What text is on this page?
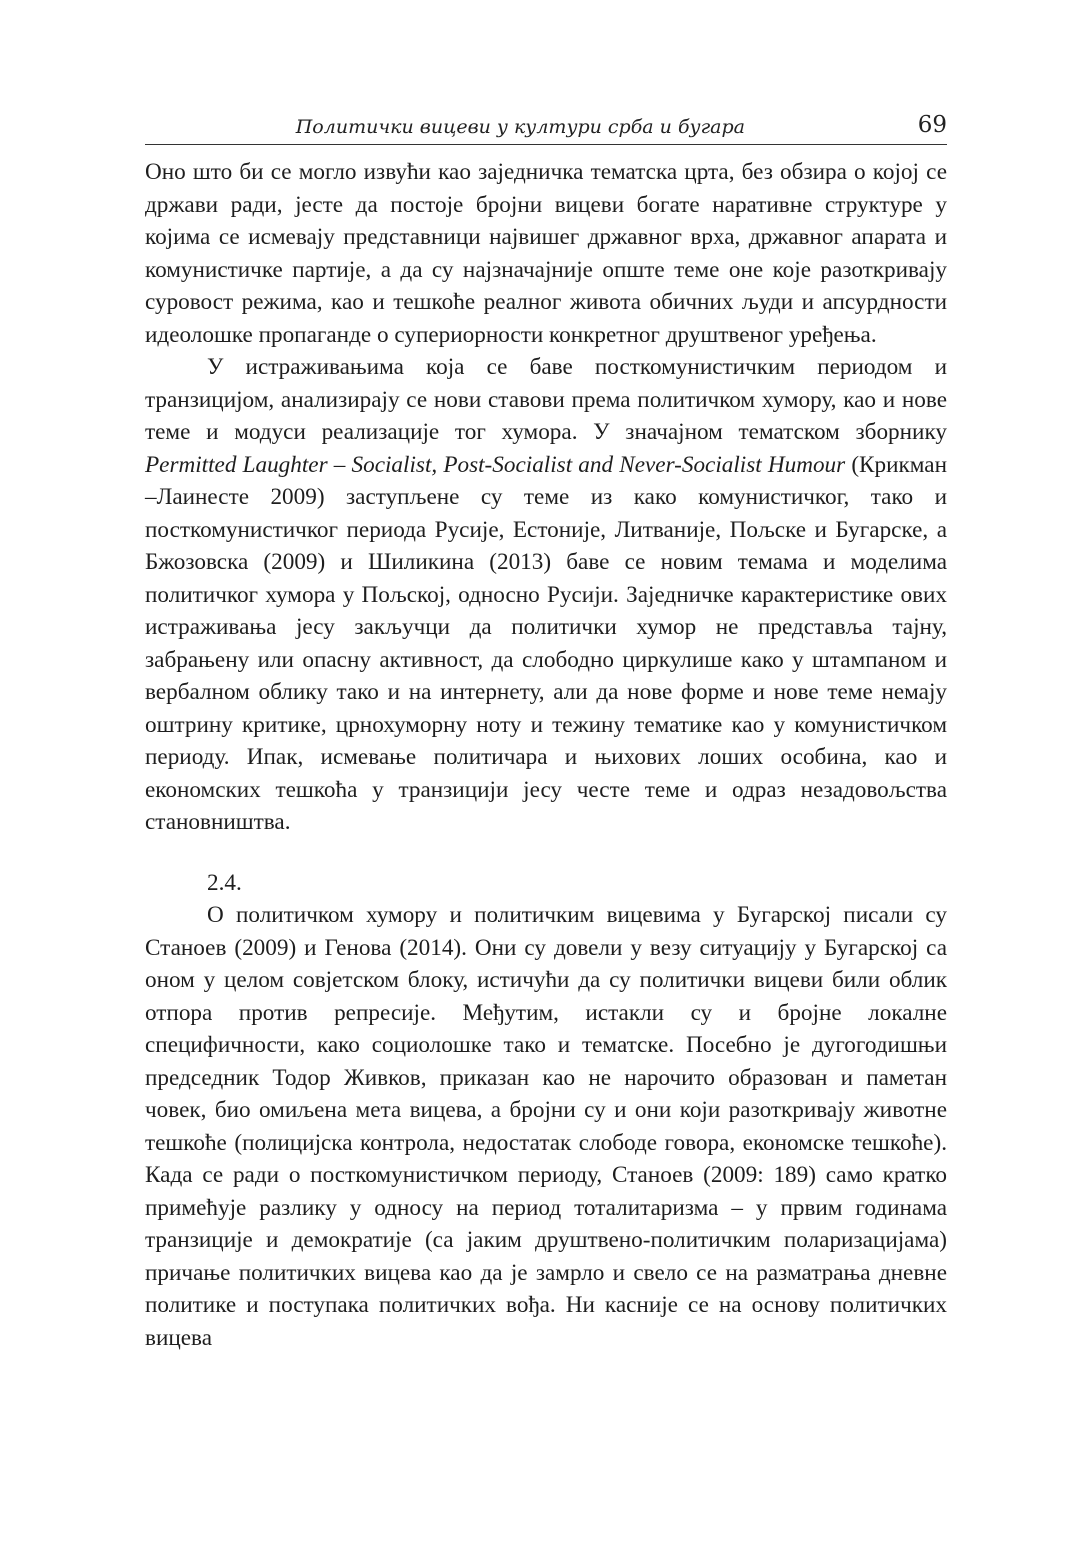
Политички вицеви у култури срба и бугара	69

Оно што би се могло извући као заједничка тематска црта, без обзира о којој се држави ради, јесте да постоје бројни вицеви богате наративне структуре у којима се исмевају представници највишег државног врха, државног апарата и комунистичке партије, а да су најзначајније опште теме оне које разоткривају суровост режима, као и тешкоће реалног живота обичних људи и апсурдности идеолошке пропаганде о супериорности конкретног друштвеног уређења.

У истраживањима која се баве посткомунистичким периодом и транзицијом, анализирају се нови ставови према политичком хумору, као и нове теме и модуси реализације тог хумора. У значајном тематском зборнику Permitted Laughter – Socialist, Post-Socialist and Never-Socialist Humour (Крикман –Лаинесте 2009) заступљене су теме из како комунистичког, тако и посткомунистичког периода Русије, Естоније, Литваније, Пољске и Бугарске, а Бжозовска (2009) и Шиликина (2013) баве се новим темама и моделима политичког хумора у Пољској, односно Русији. Заједничке карактеристике ових истраживања јесу закључци да политички хумор не представља тајну, забрањену или опасну активност, да слободно циркулише како у штампаном и вербалном облику тако и на интернету, али да нове форме и нове теме немају оштрину критике, црнохуморну ноту и тежину тематике као у комунистичком периоду. Ипак, исмевање политичара и њихових лоших особина, као и економских тешкоћа у транзицији јесу честе теме и одраз незадовољства становништва.

2.4.

О политичком хумору и политичким вицевима у Бугарској писали су Станоев (2009) и Генова (2014). Они су довели у везу ситуацију у Бугарској са оном у целом совјетском блоку, истичући да су политички вицеви били облик отпора против репресије. Међутим, истакли су и бројне локалне специфичности, како социолошке тако и тематске. Посебно је дугогодишњи председник Тодор Живков, приказан као не нарочито образован и паметан човек, био омиљена мета вицева, а бројни су и они који разоткривају животне тешкоће (полицијска контрола, недостатак слободе говора, економске тешкоће). Када се ради о посткомунистичком периоду, Станоев (2009: 189) само кратко примећује разлику у односу на период тоталитаризма – у првим годинама транзиције и демократије (са јаким друштвено-политичким поларизацијама) причање политичких вицева као да је замрло и свело се на разматрања дневне политике и поступака политичких вођа. Ни касније се на основу политичких вицева
